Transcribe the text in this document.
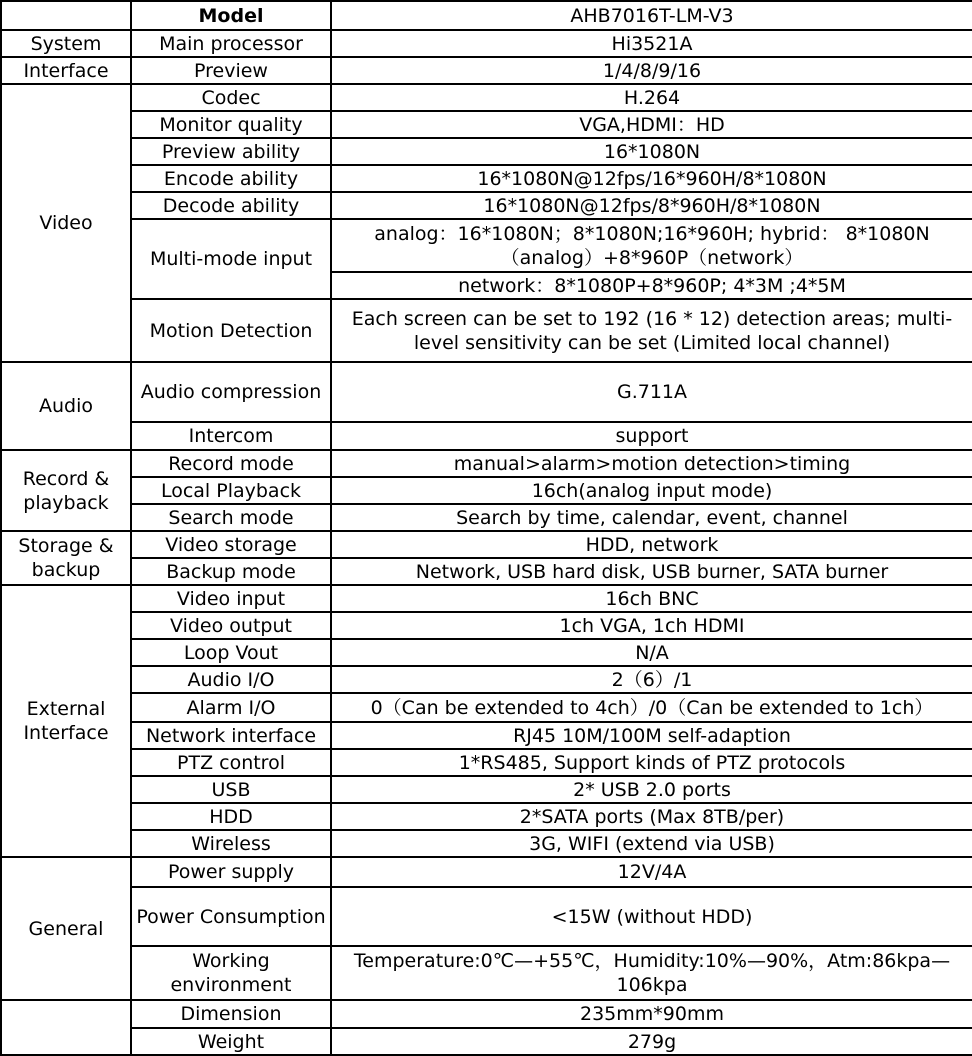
	Model	AHB7016T-LM-V3
System	Main processor	Hi3521A
Interface	Preview	1/4/8/9/16
Video	Codec	H.264
	Monitor quality	VGA,HDMI：HD
	Preview ability	16*1080N
	Encode ability	16*1080N@12fps/16*960H/8*1080N
	Decode ability	16*1080N@12fps/8*960H/8*1080N
	Multi-mode input	analog：16*1080N；8*1080N;16*960H; hybrid： 8*1080N（analog）+8*960P（network）
		network：8*1080P+8*960P; 4*3M ;4*5M
	Motion Detection	Each screen can be set to 192 (16 * 12) detection areas; multi-level sensitivity can be set (Limited local channel)
Audio	Audio compression	G.711A
	Intercom	support
Record & playback	Record mode	manual>alarm>motion detection>timing
	Local Playback	16ch(analog input mode)
	Search mode	Search by time, calendar, event, channel
Storage & backup	Video storage	HDD, network
	Backup mode	Network, USB hard disk, USB burner, SATA burner
External Interface	Video input	16ch BNC
	Video output	1ch VGA, 1ch HDMI
	Loop Vout	N/A
	Audio I/O	2（6）/1
	Alarm I/O	0（Can be extended to 4ch）/0（Can be extended to 1ch）
	Network interface	RJ45 10M/100M self-adaption
	PTZ control	1*RS485, Support kinds of PTZ protocols
	USB	2* USB 2.0 ports
	HDD	2*SATA ports (Max 8TB/per)
	Wireless	3G, WIFI (extend via USB)
General	Power supply	12V/4A
	Power Consumption	<15W (without HDD)
	Working environment	Temperature:0℃—+55℃，Humidity:10%—90%，Atm:86kpa—106kpa
	Dimension	235mm*90mm
	Weight	279g
